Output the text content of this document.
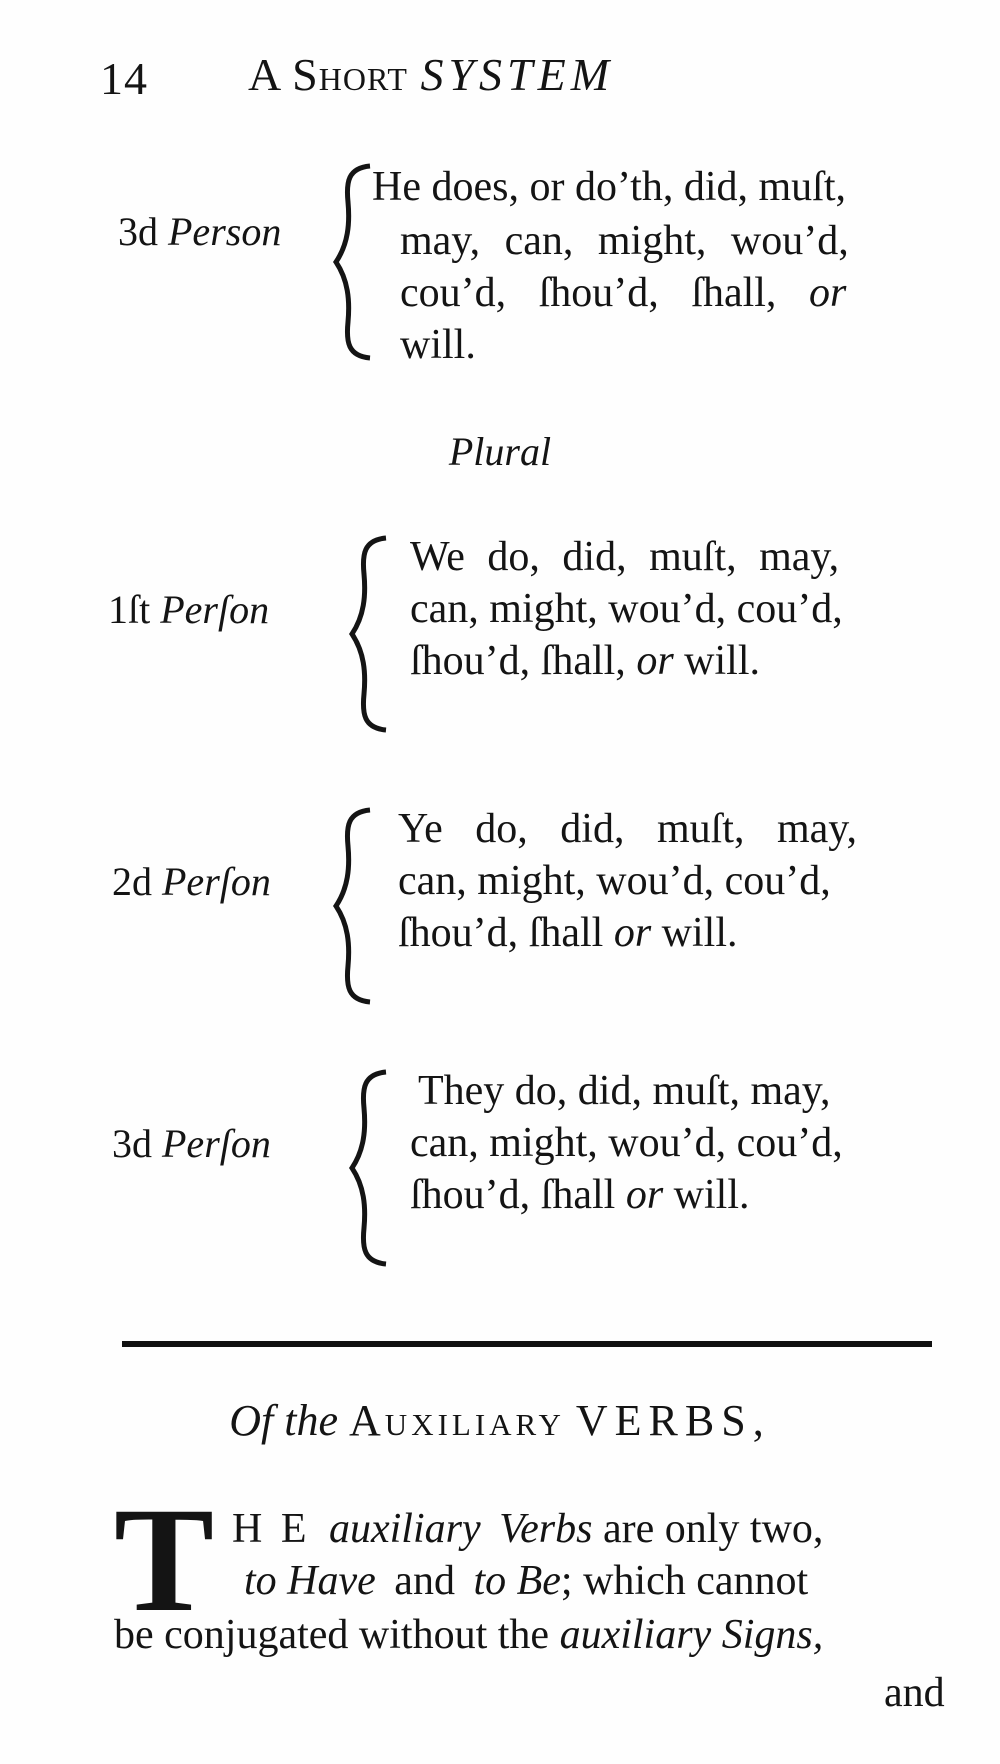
14 A Short SYSTEM
3d Person
He does, or do’th, did, muſt,
may, can, might, wou’d,
cou’d, ſhou’d, ſhall, or
will.
Plural
1ſt Perſon
We do, did, muſt, may,
can, might, wou’d, cou’d,
ſhou’d, ſhall, or will.
2d Perſon
Ye do, did, muſt, may,
can, might, wou’d, cou’d,
ſhou’d, ſhall or will.
3d Perſon
They do, did, muſt, may,
can, might, wou’d, cou’d,
ſhou’d, ſhall or will.
Of the Auxiliary VERBS,
T H E auxiliary Verbs are only two,
to Have and to Be; which cannot
be conjugated without the auxiliary Signs,
and
